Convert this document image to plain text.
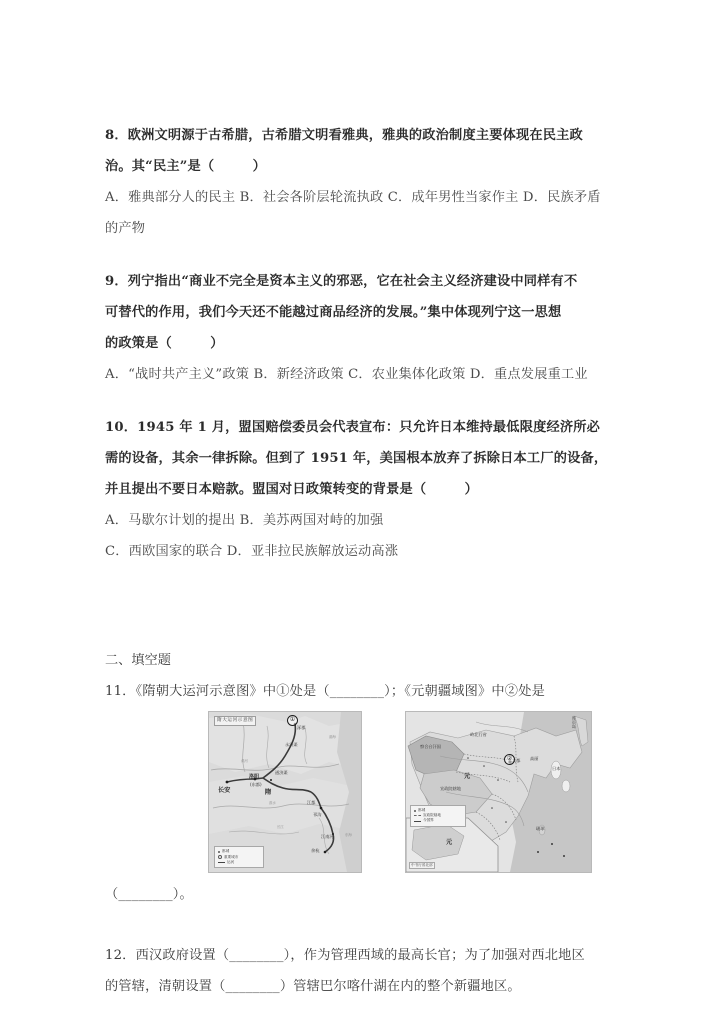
8．欧洲文明源于古希腊，古希腊文明看雅典，雅典的政治制度主要体现在民主政
治。其“民主”是（        ）
A．雅典部分人的民主 B．社会各阶层轮流执政 C．成年男性当家作主 D．民族矛盾
的产物
9．列宁指出“商业不完全是资本主义的邪恶，它在社会主义经济建设中同样有不
可替代的作用，我们今天还不能越过商品经济的发展。”集中体现列宁这一思想
的政策是（        ）
A．“战时共产主义”政策 B．新经济政策 C．农业集体化政策 D．重点发展重工业
10．1945 年 1 月，盟国赔偿委员会代表宣布：只允许日本维持最低限度经济所必
需的设备，其余一律拆除。但到了 1951 年，美国根本放弃了拆除日本工厂的设备，
并且提出不要日本赔款。盟国对日政策转变的背景是（        ）
A．马歇尔计划的提出 B．美苏两国对峙的加强
C．西欧国家的联合 D．亚非拉民族解放运动高涨
二、填空题
11．《隋朝大运河示意图》中①处是（________）；《元朝疆域图》中②处是
隋大运河示意图	①
长安
洛阳
(东都)
江都
余杭
涿郡
永济渠
通济渠
邗沟
江南河
隋
黄河
淮水
长江
渤海
东海
都城
重要城市
运河
②
元
大都
岭北行省
察合台汗国
宣政院辖地
高丽
日本
琉球
库页岛
元
中书行省北部
都城
宣政院辖地
今国界
（________）。
12．西汉政府设置（________），作为管理西域的最高长官；为了加强对西北地区
的管辖，清朝设置（________）管辖巴尔喀什湖在内的整个新疆地区。
